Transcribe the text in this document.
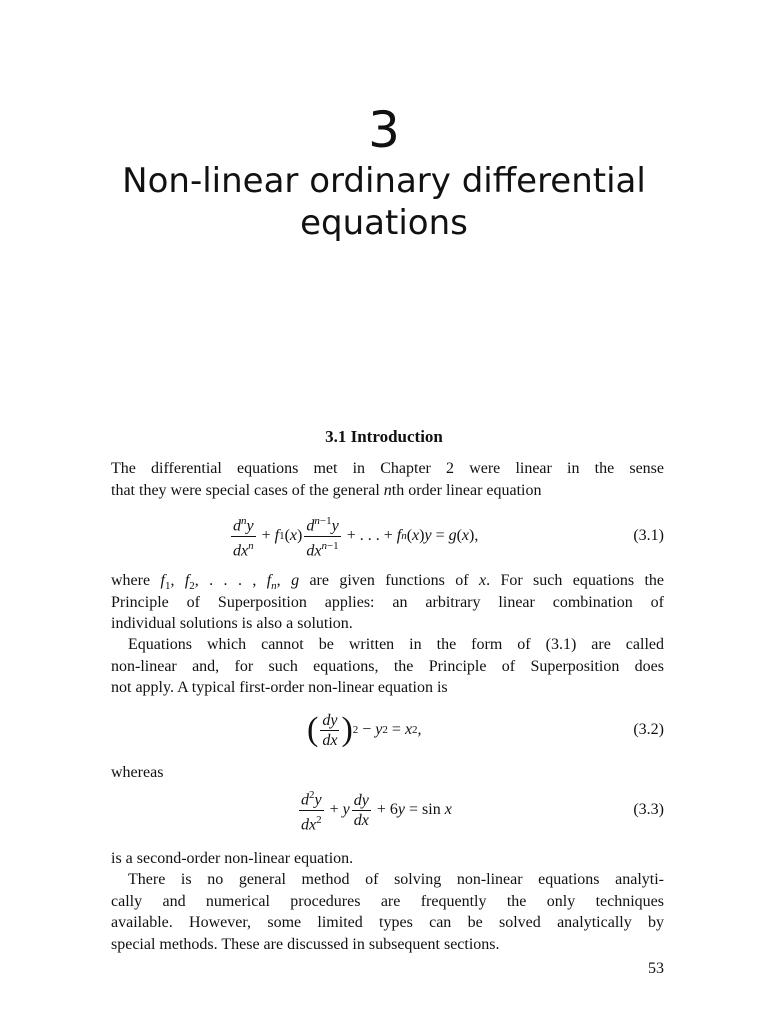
3
Non-linear ordinary differential
equations
3.1 Introduction
The differential equations met in Chapter 2 were linear in the sense
that they were special cases of the general nth order linear equation
$\frac{d^ny}{dx^n} + f$ 1 ( x ) $\frac{d^{n-1}y}{dx^{n-1}}$ + . . . + f n ( x ) y = g ( x ),	(3.1)
where $f_1$, $f_2$, . . . , $f_n$, g are given functions of x. For such equations the
Principle of Superposition applies: an arbitrary linear combination of
individual solutions is also a solution.
Equations which cannot be written in the form of (3.1) are called
non-linear and, for such equations, the Principle of Superposition does
not apply. A typical first-order non-linear equation is
( $\frac{dy}{dx}$ ) 2 − y 2 = x 2 ,	(3.2)
whereas
$\frac{d^2y}{dx^2} + y \frac{dy}{dx} + 6$ y = sin
x	(3.3)
is a second-order non-linear equation.
There is no general method of solving non-linear equations analyti-
cally and numerical procedures are frequently the only techniques
available. However, some limited types can be solved analytically by
special methods. These are discussed in subsequent sections.
53
